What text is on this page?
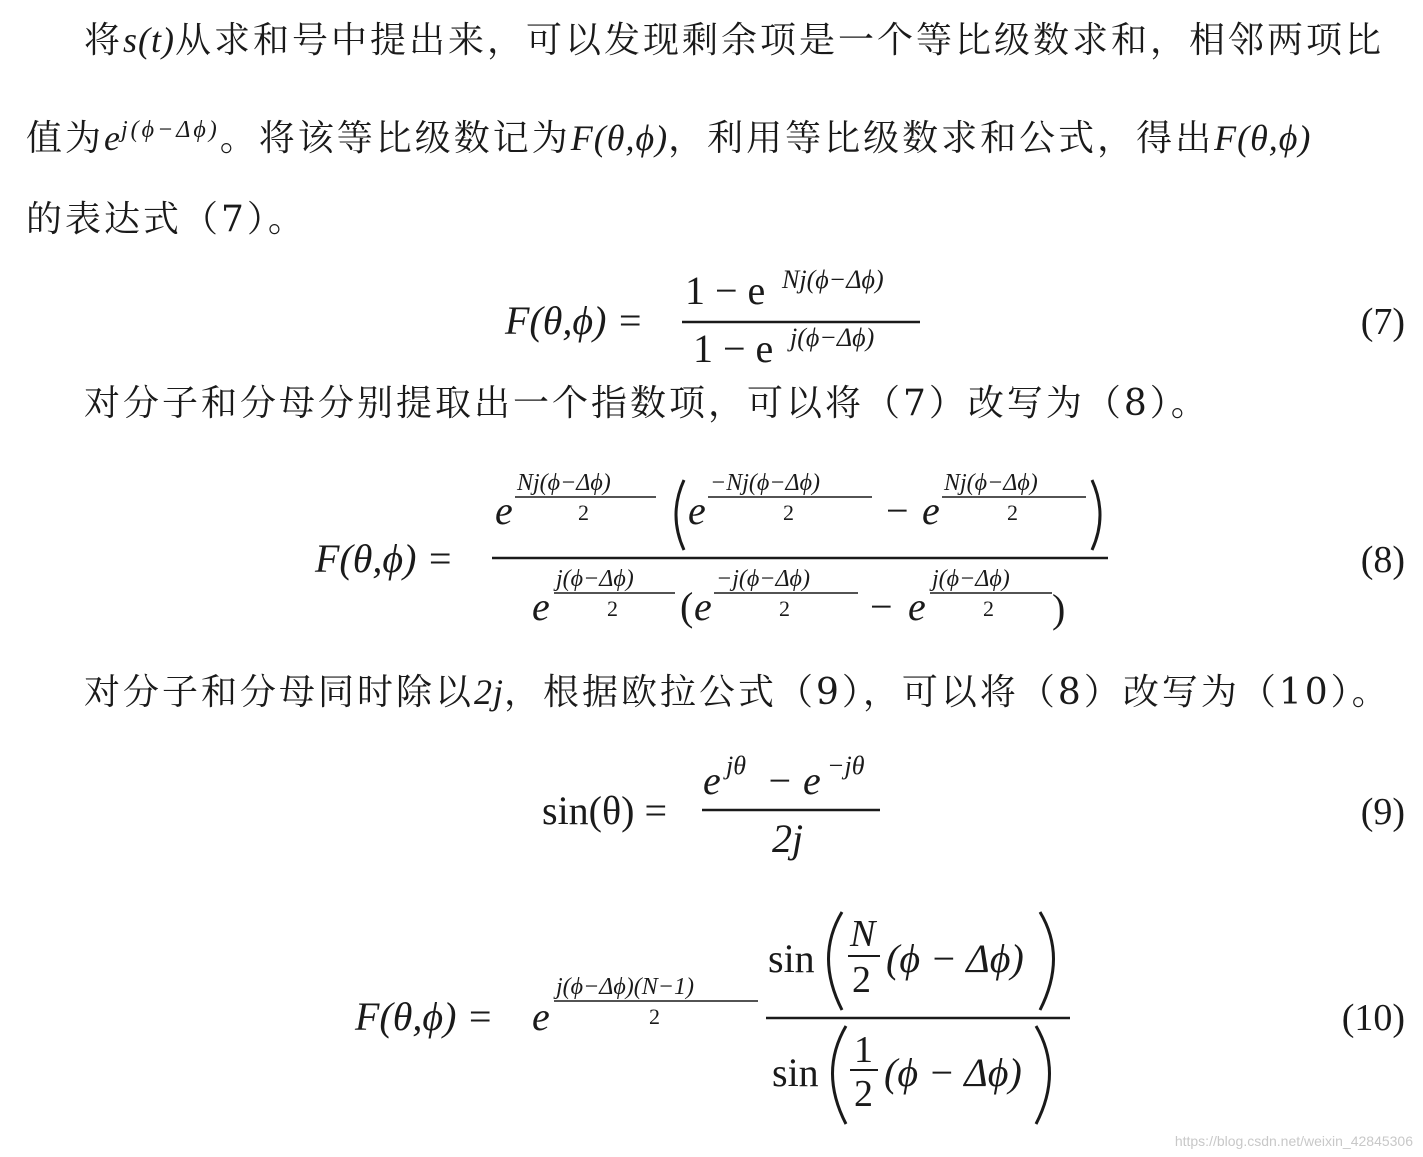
将s(t)从求和号中提出来，可以发现剩余项是一个等比级数求和，相邻两项比
值为$e^{j(\phi-\Delta\phi)}$。将该等比级数记为F(θ,ϕ)，利用等比级数求和公式，得出F(θ,ϕ)
的表达式（7）。
F(θ,ϕ) =
1 − e Nj(ϕ−Δϕ)
1 − e j(ϕ−Δϕ)	(7)
对分子和分母分别提取出一个指数项，可以将（7）改写为（8）。
F(θ,ϕ) =
e
Nj(ϕ−Δϕ)
2 e
−Nj(ϕ−Δϕ)
2 − e
Nj(ϕ−Δϕ)
2
e
j(ϕ−Δϕ)
2 ( e
−j(ϕ−Δϕ)
2 − e
j(ϕ−Δϕ)
2 )
(8)
对分子和分母同时除以2j，根据欧拉公式（9），可以将（8）改写为（10）。
sin(θ) =
e jθ − e −jθ
2j
(9)
F(θ,ϕ) = e
j(ϕ−Δϕ)(N−1)
2
sin
N
2 (ϕ − Δϕ)
sin 1
2 (ϕ − Δϕ)
(10)
https://blog.csdn.net/weixin_42845306
